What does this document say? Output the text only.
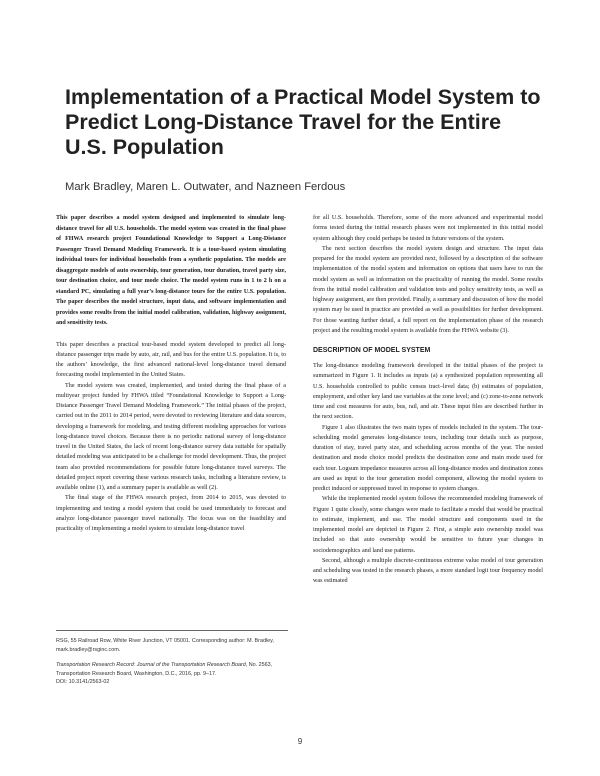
Implementation of a Practical Model System to Predict Long-Distance Travel for the Entire U.S. Population
Mark Bradley, Maren L. Outwater, and Nazneen Ferdous

This paper describes a model system designed and implemented to simulate long-distance travel for all U.S. households. The model system was created in the final phase of FHWA research project Foundational Knowledge to Support a Long-Distance Passenger Travel Demand Modeling Framework. It is a tour-based system simulating individual tours for individual households from a synthetic population. The models are disaggregate models of auto ownership, tour generation, tour duration, travel party size, tour destination choice, and tour mode choice. The model system runs in 1 to 2 h on a standard PC, simulating a full year’s long-distance tours for the entire U.S. population. The paper describes the model structure, input data, and software implementation and provides some results from the initial model calibration, validation, highway assignment, and sensitivity tests.

This paper describes a practical tour-based model system developed to predict all long-distance passenger trips made by auto, air, rail, and bus for the entire U.S. population. It is, to the authors’ knowledge, the first advanced national-level long-distance travel demand forecasting model implemented in the United States.

The model system was created, implemented, and tested during the final phase of a multiyear project funded by FHWA titled “Foundational Knowledge to Support a Long-Distance Passenger Travel Demand Modeling Framework.” The initial phases of the project, carried out in the 2011 to 2014 period, were devoted to reviewing literature and data sources, developing a framework for modeling, and testing different modeling approaches for various long-distance travel choices. Because there is no periodic national survey of long-distance travel in the United States, the lack of recent long-distance survey data suitable for spatially detailed modeling was anticipated to be a challenge for model development. Thus, the project team also provided recommendations for possible future long-distance travel surveys. The detailed project report covering these various research tasks, including a literature review, is available online (1), and a summary paper is available as well (2).

The final stage of the FHWA research project, from 2014 to 2015, was devoted to implementing and testing a model system that could be used immediately to forecast and analyze long-distance passenger travel nationally. The focus was on the feasibility and practicality of implementing a model system to simulate long-distance travel

RSG, 55 Railroad Row, White River Junction, VT 05001. Corresponding author: M. Bradley, mark.bradley@rsginc.com.
Transportation Research Record: Journal of the Transportation Research Board, No. 2563, Transportation Research Board, Washington, D.C., 2016, pp. 9–17.
DOI: 10.3141/2563-02

for all U.S. households. Therefore, some of the more advanced and experimental model forms tested during the initial research phases were not implemented in this initial model system although they could perhaps be tested in future versions of the system.

The next section describes the model system design and structure. The input data prepared for the model system are provided next, followed by a description of the software implementation of the model system and information on options that users have to run the model system as well as information on the practicality of running the model. Some results from the initial model calibration and validation tests and policy sensitivity tests, as well as highway assignment, are then provided. Finally, a summary and discussion of how the model system may be used in practice are provided as well as possibilities for further development. For those wanting further detail, a full report on the implementation phase of the research project and the resulting model system is available from the FHWA website (3).

DESCRIPTION OF MODEL SYSTEM

The long-distance modeling framework developed in the initial phases of the project is summarized in Figure 1. It includes as inputs (a) a synthesized population representing all U.S. households controlled to public census tract–level data; (b) estimates of population, employment, and other key land use variables at the zone level; and (c) zone-to-zone network time and cost measures for auto, bus, rail, and air. These input files are described further in the next section.

Figure 1 also illustrates the two main types of models included in the system. The tour-scheduling model generates long-distance tours, including tour details such as purpose, duration of stay, travel party size, and scheduling across months of the year. The nested destination and mode choice model predicts the destination zone and main mode used for each tour. Logsum impedance measures across all long-distance modes and destination zones are used as input to the tour generation model component, allowing the model system to predict induced or suppressed travel in response to system changes.

While the implemented model system follows the recommended modeling framework of Figure 1 quite closely, some changes were made to facilitate a model that would be practical to estimate, implement, and use. The model structure and components used in the implemented model are depicted in Figure 2. First, a simple auto ownership model was included so that auto ownership would be sensitive to future year changes in sociodemographics and land use patterns.

Second, although a multiple discrete-continuous extreme value model of tour generation and scheduling was tested in the research phases, a more standard logit tour frequency model was estimated

9
